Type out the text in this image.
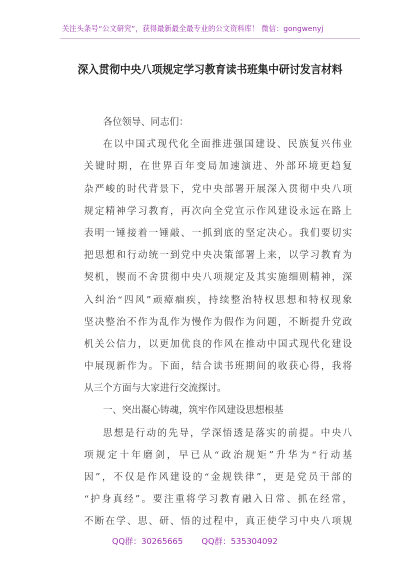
关注头条号“公文研究”，获得最新最全最专业的公文资料库！ 微信：gongwenyj
深入贯彻中央八项规定学习教育读书班集中研讨发言材料
各位领导、同志们：
在以中国式现代化全面推进强国建设、民族复兴伟业
关键时期，在世界百年变局加速演进、外部环境更趋复
杂严峻的时代背景下，党中央部署开展深入贯彻中央八项
规定精神学习教育，再次向全党宣示作风建设永远在路上
表明一锤接着一锤敲、一抓到底的坚定决心。我们要切实
把思想和行动统一到党中央决策部署上来，以学习教育为
契机，锲而不舍贯彻中央八项规定及其实施细则精神，深
入纠治“四风”顽瘴痼疾，持续整治特权思想和特权现象
坚决整治不作为乱作为慢作为假作为问题，不断提升党政
机关公信力，以更加优良的作风在推动中国式现代化建设
中展现新作为。下面，结合读书班期间的收获心得，我将
从三个方面与大家进行交流探讨。
一、突出凝心铸魂，筑牢作风建设思想根基
思想是行动的先导，学深悟透是落实的前提。中央八
项规定十年磨剑，早已从“政治规矩”升华为“行动基
因”，不仅是作风建设的“金规铁律”，更是党员干部的
“护身真经”。要注重将学习教育融入日常、抓在经常，
不断在学、思、研、悟的过程中，真正使学习中央八项规
QQ群：30265665 QQ群：535304092
